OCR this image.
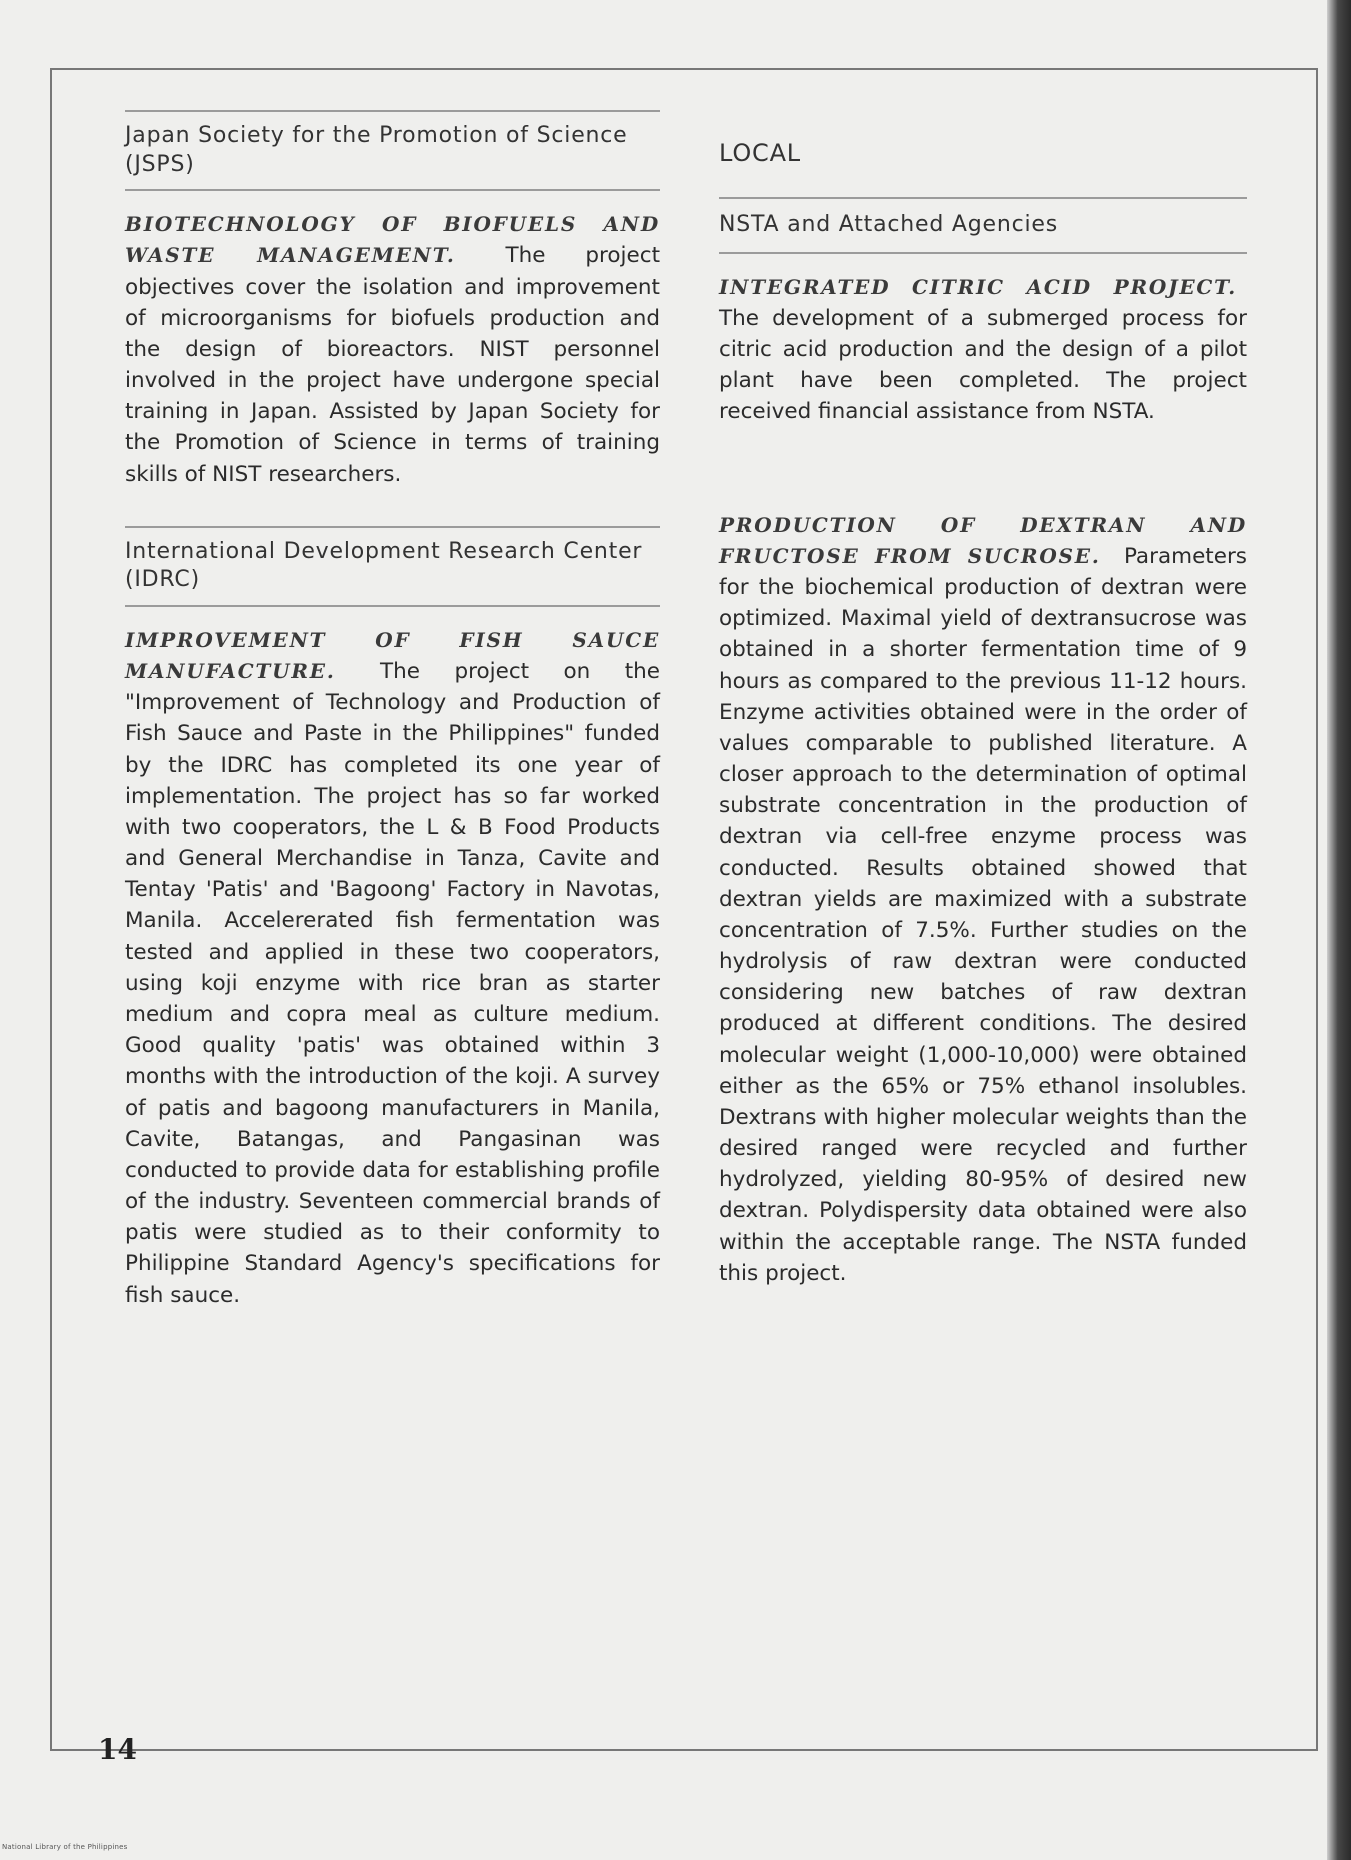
Japan Society for the Promotion of Science (JSPS)

BIOTECHNOLOGY OF BIOFUELS AND WASTE MANAGEMENT. The project objectives cover the isolation and improvement of microorganisms for biofuels production and the design of bioreactors. NIST personnel involved in the project have undergone special training in Japan. Assisted by Japan Society for the Promotion of Science in terms of training skills of NIST researchers.

International Development Research Center (IDRC)

IMPROVEMENT OF FISH SAUCE MANUFACTURE. The project on the "Improvement of Technology and Production of Fish Sauce and Paste in the Philippines" funded by the IDRC has completed its one year of implementation. The project has so far worked with two cooperators, the L & B Food Products and General Merchandise in Tanza, Cavite and Tentay 'Patis' and 'Bagoong' Factory in Navotas, Manila. Accelererated fish fermentation was tested and applied in these two cooperators, using koji enzyme with rice bran as starter medium and copra meal as culture medium. Good quality 'patis' was obtained within 3 months with the introduction of the koji. A survey of patis and bagoong manufacturers in Manila, Cavite, Batangas, and Pangasinan was conducted to provide data for establishing profile of the industry. Seventeen commercial brands of patis were studied as to their conformity to Philippine Standard Agency's specifications for fish sauce.

LOCAL
NSTA and Attached Agencies

INTEGRATED CITRIC ACID PROJECT. The development of a submerged process for citric acid production and the design of a pilot plant have been completed. The project received financial assistance from NSTA.

PRODUCTION OF DEXTRAN AND FRUCTOSE FROM SUCROSE. Parameters for the biochemical production of dextran were optimized. Maximal yield of dextransucrose was obtained in a shorter fermentation time of 9 hours as compared to the previous 11-12 hours. Enzyme activities obtained were in the order of values comparable to published literature. A closer approach to the determination of optimal substrate concentration in the production of dextran via cell-free enzyme process was conducted. Results obtained showed that dextran yields are maximized with a substrate concentration of 7.5%. Further studies on the hydrolysis of raw dextran were conducted considering new batches of raw dextran produced at different conditions. The desired molecular weight (1,000-10,000) were obtained either as the 65% or 75% ethanol insolubles. Dextrans with higher molecular weights than the desired ranged were recycled and further hydrolyzed, yielding 80-95% of desired new dextran. Polydispersity data obtained were also within the acceptable range. The NSTA funded this project.

14
National Library of the Philippines
